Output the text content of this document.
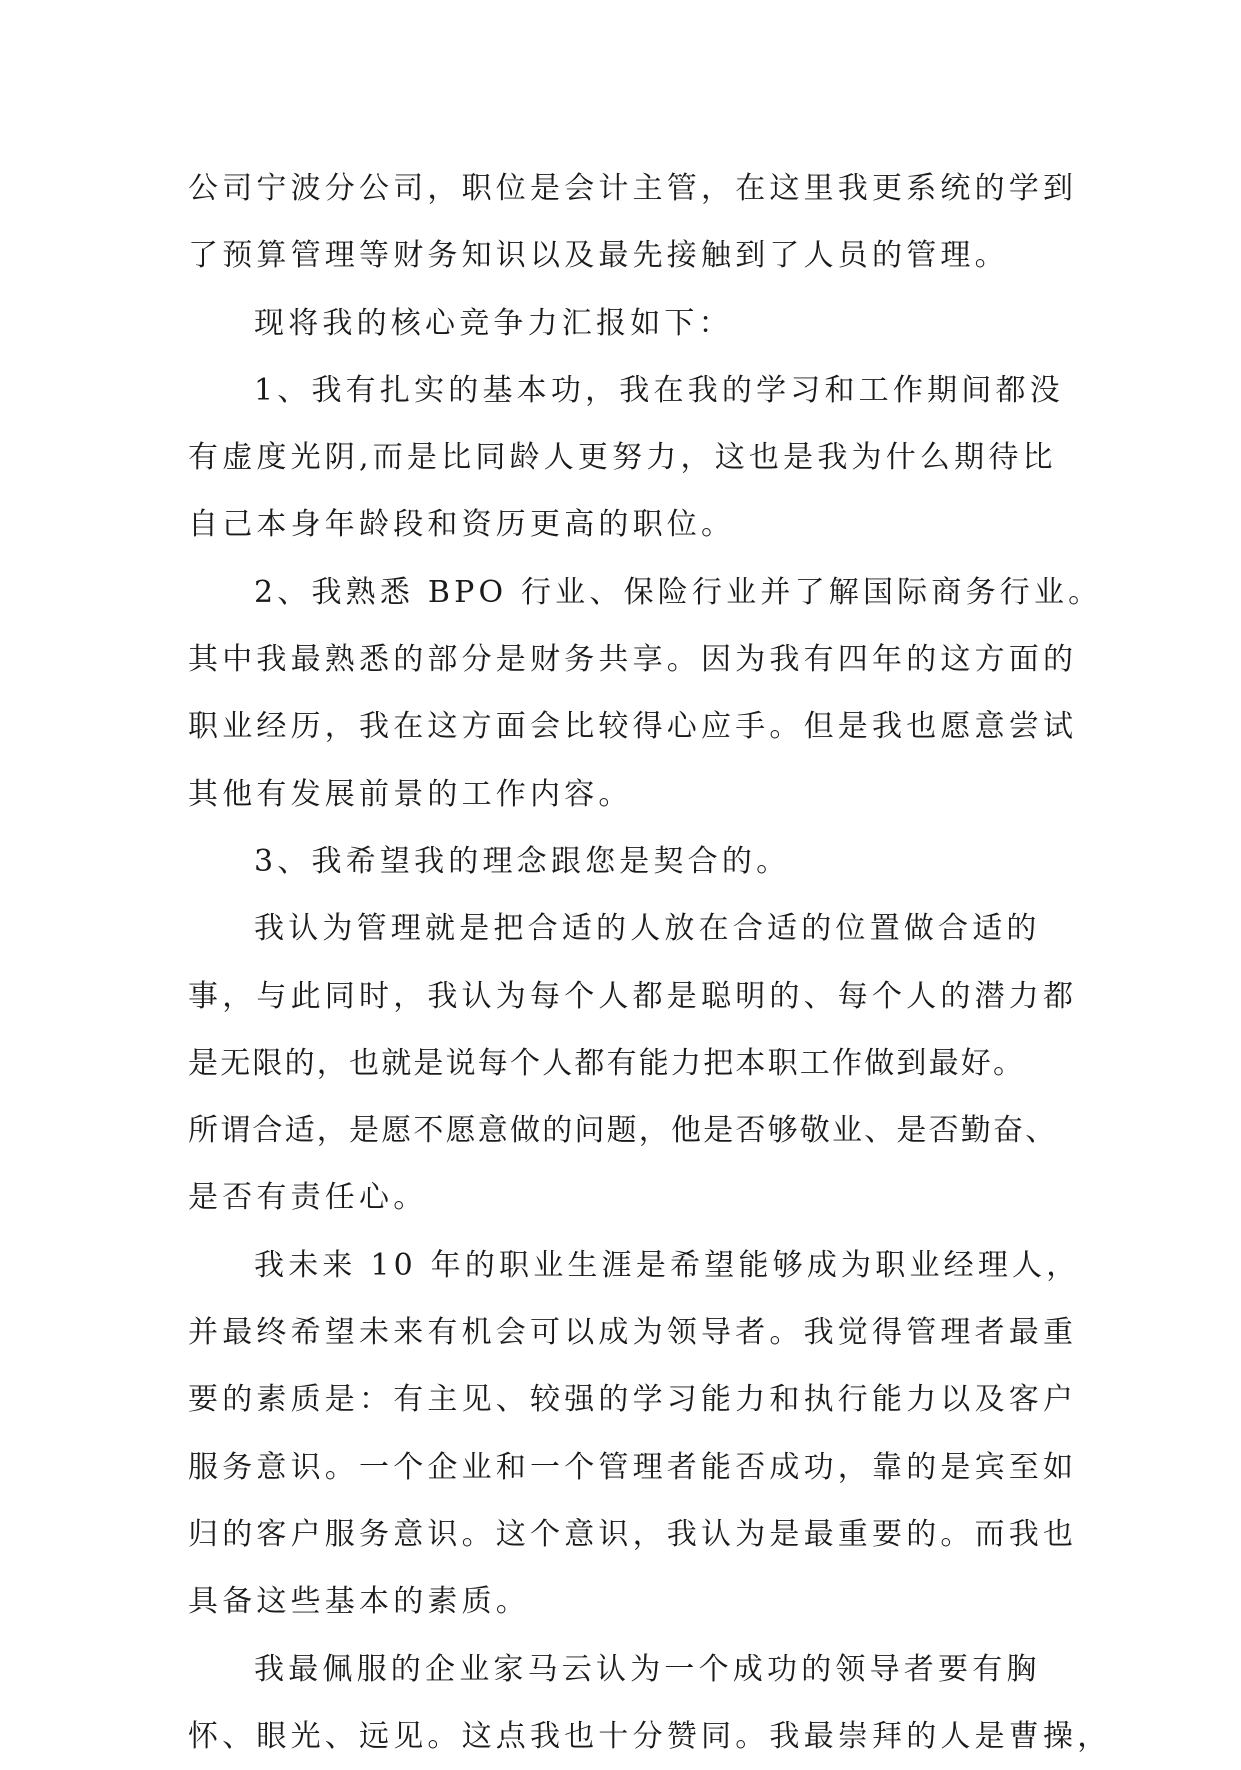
公司宁波分公司，职位是会计主管，在这里我更系统的学到
了预算管理等财务知识以及最先接触到了人员的管理。
现将我的核心竞争力汇报如下：
1、我有扎实的基本功，我在我的学习和工作期间都没
有虚度光阴,而是比同龄人更努力，这也是我为什么期待比
自己本身年龄段和资历更高的职位。
2、我熟悉 BPO 行业、保险行业并了解国际商务行业。
其中我最熟悉的部分是财务共享。因为我有四年的这方面的
职业经历，我在这方面会比较得心应手。但是我也愿意尝试
其他有发展前景的工作内容。
3、我希望我的理念跟您是契合的。
我认为管理就是把合适的人放在合适的位置做合适的
事，与此同时，我认为每个人都是聪明的、每个人的潜力都
是无限的，也就是说每个人都有能力把本职工作做到最好。
所谓合适，是愿不愿意做的问题，他是否够敬业、是否勤奋、
是否有责任心。
我未来 10 年的职业生涯是希望能够成为职业经理人，
并最终希望未来有机会可以成为领导者。我觉得管理者最重
要的素质是：有主见、较强的学习能力和执行能力以及客户
服务意识。一个企业和一个管理者能否成功，靠的是宾至如
归的客户服务意识。这个意识，我认为是最重要的。而我也
具备这些基本的素质。
我最佩服的企业家马云认为一个成功的领导者要有胸
怀、眼光、远见。这点我也十分赞同。我最崇拜的人是曹操，
